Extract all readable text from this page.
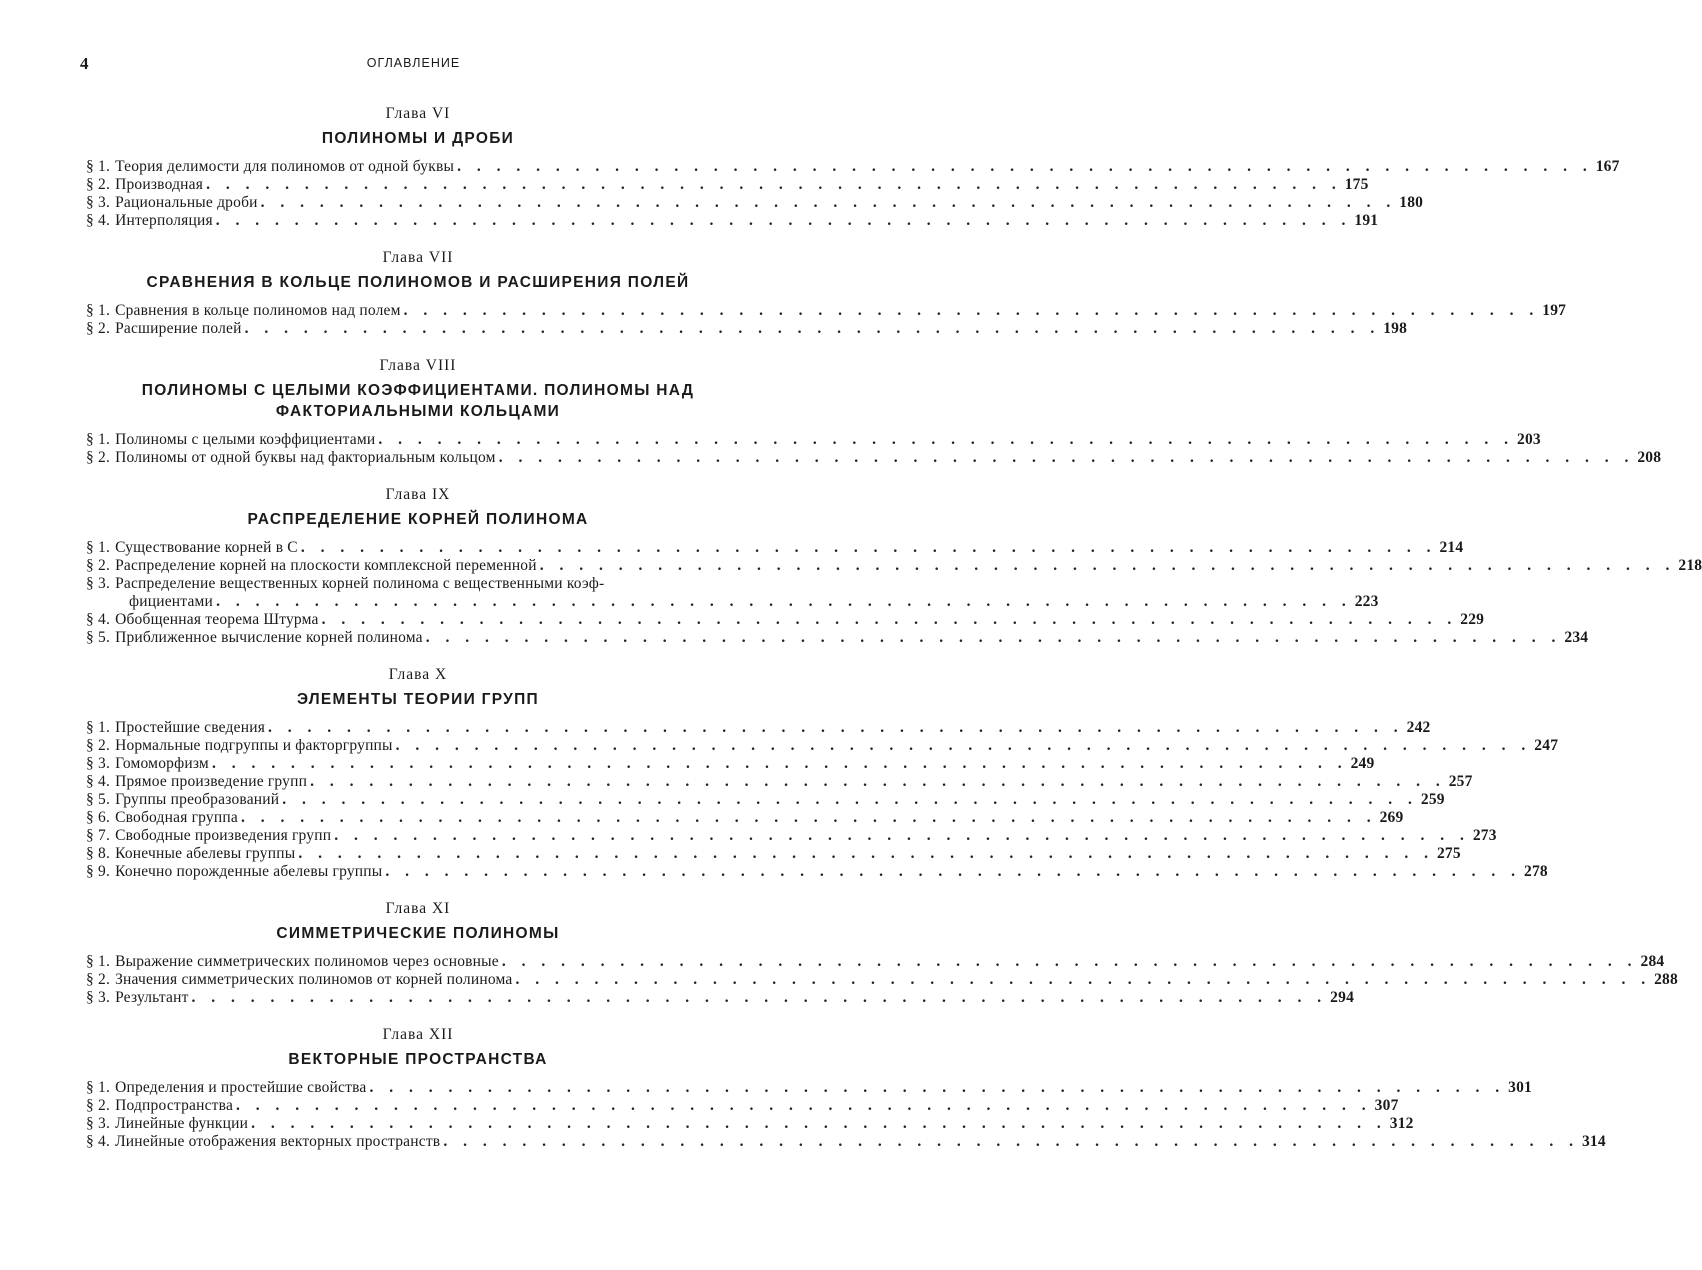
4	ОГЛАВЛЕНИЕ
Глава VI
ПОЛИНОМЫ И ДРОБИ
§ 1. Теория делимости для полиномов от одной буквы . . . . . . . . . . . . . . . . . . . . . . . . . . . . . . . . . . . . . . . . . . . . . . . . . . . . . . . . . . 167
§ 2. Производная . . . . . . . . . . . . . . . . . . . . . . . . . . . . . . . . . . . . . . . . . . . . . . . . . . . . . . . . . . 175
§ 3. Рациональные дроби . . . . . . . . . . . . . . . . . . . . . . . . . . . . . . . . . . . . . . . . . . . . . . . . . . . . . . . . . . 180
§ 4. Интерполяция . . . . . . . . . . . . . . . . . . . . . . . . . . . . . . . . . . . . . . . . . . . . . . . . . . . . . . . . . . 191
Глава VII
СРАВНЕНИЯ В КОЛЬЦЕ ПОЛИНОМОВ И РАСШИРЕНИЯ ПОЛЕЙ
§ 1. Сравнения в кольце полиномов над полем . . . . . . . . . . . . . . . . . . . . . . . . . . . . . . . . . . . . . . . . . . . . . . . . . . . . . . . . . . 197
§ 2. Расширение полей . . . . . . . . . . . . . . . . . . . . . . . . . . . . . . . . . . . . . . . . . . . . . . . . . . . . . . . . . . 198
Глава VIII
ПОЛИНОМЫ С ЦЕЛЫМИ КОЭФФИЦИЕНТАМИ. ПОЛИНОМЫ НАД
ФАКТОРИАЛЬНЫМИ КОЛЬЦАМИ
§ 1. Полиномы с целыми коэффициентами . . . . . . . . . . . . . . . . . . . . . . . . . . . . . . . . . . . . . . . . . . . . . . . . . . . . . . . . . . 203
§ 2. Полиномы от одной буквы над факториальным кольцом . . . . . . . . . . . . . . . . . . . . . . . . . . . . . . . . . . . . . . . . . . . . . . . . . . . . . . . . . . 208
Глава IX
РАСПРЕДЕЛЕНИЕ КОРНЕЙ ПОЛИНОМА
§ 1. Существование корней в C . . . . . . . . . . . . . . . . . . . . . . . . . . . . . . . . . . . . . . . . . . . . . . . . . . . . . . . . . . 214
§ 2. Распределение корней на плоскости комплексной переменной . . . . . . . . . . . . . . . . . . . . . . . . . . . . . . . . . . . . . . . . . . . . . . . . . . . . . . . . . . 218
§ 3. Распределение вещественных корней полинома с вещественными коэф-
фициентами . . . . . . . . . . . . . . . . . . . . . . . . . . . . . . . . . . . . . . . . . . . . . . . . . . . . . . . . . . 223
§ 4. Обобщенная теорема Штурма . . . . . . . . . . . . . . . . . . . . . . . . . . . . . . . . . . . . . . . . . . . . . . . . . . . . . . . . . . 229
§ 5. Приближенное вычисление корней полинома . . . . . . . . . . . . . . . . . . . . . . . . . . . . . . . . . . . . . . . . . . . . . . . . . . . . . . . . . . 234
Глава X
ЭЛЕМЕНТЫ ТЕОРИИ ГРУПП
§ 1. Простейшие сведения . . . . . . . . . . . . . . . . . . . . . . . . . . . . . . . . . . . . . . . . . . . . . . . . . . . . . . . . . . 242
§ 2. Нормальные подгруппы и факторгруппы . . . . . . . . . . . . . . . . . . . . . . . . . . . . . . . . . . . . . . . . . . . . . . . . . . . . . . . . . . 247
§ 3. Гомоморфизм . . . . . . . . . . . . . . . . . . . . . . . . . . . . . . . . . . . . . . . . . . . . . . . . . . . . . . . . . . 249
§ 4. Прямое произведение групп . . . . . . . . . . . . . . . . . . . . . . . . . . . . . . . . . . . . . . . . . . . . . . . . . . . . . . . . . . 257
§ 5. Группы преобразований . . . . . . . . . . . . . . . . . . . . . . . . . . . . . . . . . . . . . . . . . . . . . . . . . . . . . . . . . . 259
§ 6. Свободная группа . . . . . . . . . . . . . . . . . . . . . . . . . . . . . . . . . . . . . . . . . . . . . . . . . . . . . . . . . . 269
§ 7. Свободные произведения групп . . . . . . . . . . . . . . . . . . . . . . . . . . . . . . . . . . . . . . . . . . . . . . . . . . . . . . . . . . 273
§ 8. Конечные абелевы группы . . . . . . . . . . . . . . . . . . . . . . . . . . . . . . . . . . . . . . . . . . . . . . . . . . . . . . . . . . 275
§ 9. Конечно порожденные абелевы группы . . . . . . . . . . . . . . . . . . . . . . . . . . . . . . . . . . . . . . . . . . . . . . . . . . . . . . . . . . 278
Глава XI
СИММЕТРИЧЕСКИЕ ПОЛИНОМЫ
§ 1. Выражение симметрических полиномов через основные . . . . . . . . . . . . . . . . . . . . . . . . . . . . . . . . . . . . . . . . . . . . . . . . . . . . . . . . . . 284
§ 2. Значения симметрических полиномов от корней полинома . . . . . . . . . . . . . . . . . . . . . . . . . . . . . . . . . . . . . . . . . . . . . . . . . . . . . . . . . . 288
§ 3. Результант . . . . . . . . . . . . . . . . . . . . . . . . . . . . . . . . . . . . . . . . . . . . . . . . . . . . . . . . . . 294
Глава XII
ВЕКТОРНЫЕ ПРОСТРАНСТВА
§ 1. Определения и простейшие свойства . . . . . . . . . . . . . . . . . . . . . . . . . . . . . . . . . . . . . . . . . . . . . . . . . . . . . . . . . . 301
§ 2. Подпространства . . . . . . . . . . . . . . . . . . . . . . . . . . . . . . . . . . . . . . . . . . . . . . . . . . . . . . . . . . 307
§ 3. Линейные функции . . . . . . . . . . . . . . . . . . . . . . . . . . . . . . . . . . . . . . . . . . . . . . . . . . . . . . . . . . 312
§ 4. Линейные отображения векторных пространств . . . . . . . . . . . . . . . . . . . . . . . . . . . . . . . . . . . . . . . . . . . . . . . . . . . . . . . . . . 314
